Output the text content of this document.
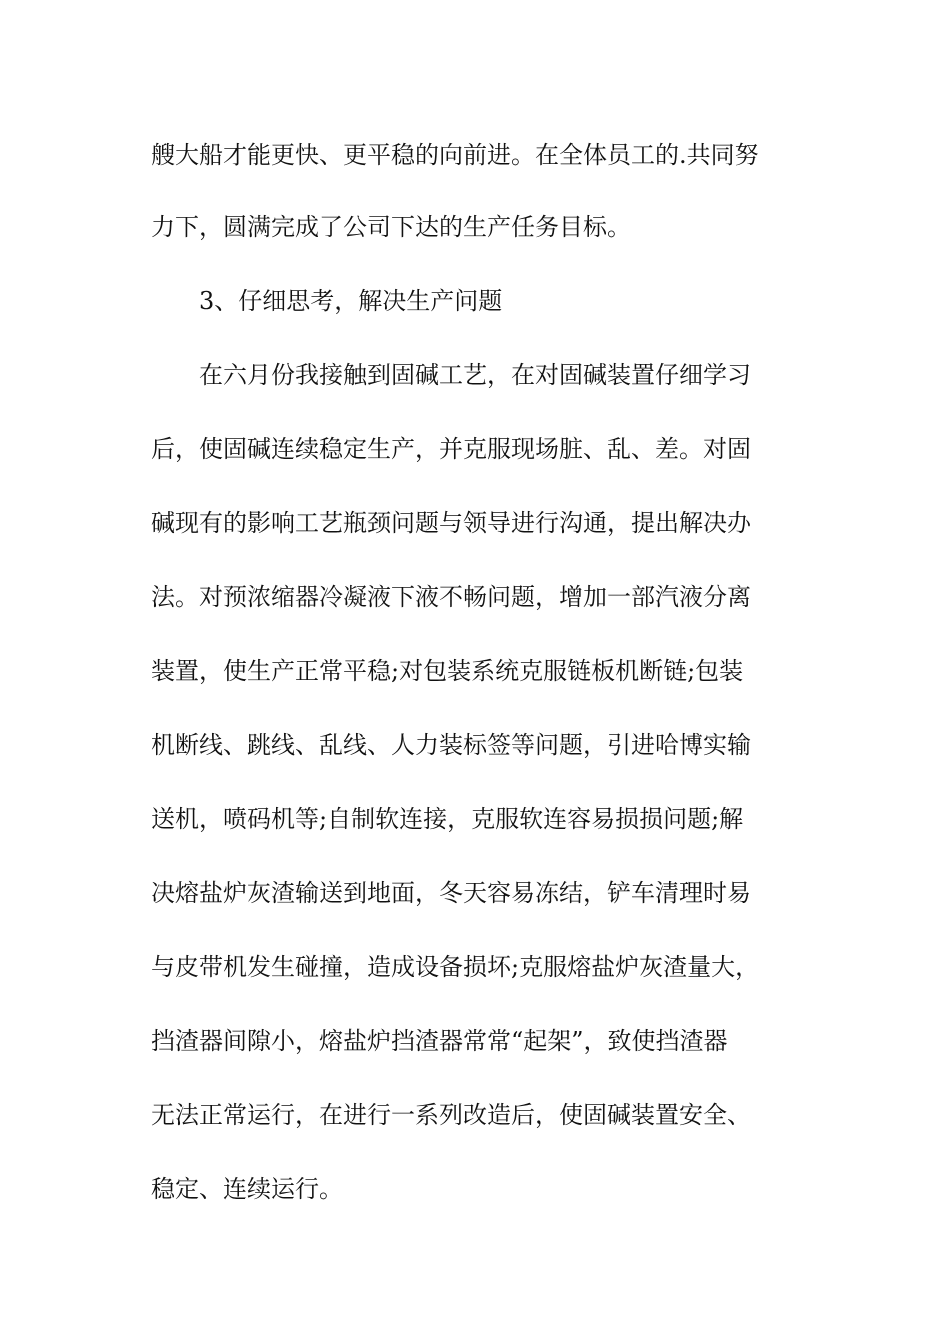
艘大船才能更快、更平稳的向前进。在全体员工的.共同努

力下，圆满完成了公司下达的生产任务目标。

3、仔细思考，解决生产问题

在六月份我接触到固碱工艺，在对固碱装置仔细学习

后，使固碱连续稳定生产，并克服现场脏、乱、差。对固

碱现有的影响工艺瓶颈问题与领导进行沟通，提出解决办

法。对预浓缩器冷凝液下液不畅问题，增加一部汽液分离

装置，使生产正常平稳;对包装系统克服链板机断链;包装

机断线、跳线、乱线、人力装标签等问题，引进哈博实输

送机，喷码机等;自制软连接，克服软连容易损损问题;解

决熔盐炉灰渣输送到地面，冬天容易冻结，铲车清理时易

与皮带机发生碰撞，造成设备损坏;克服熔盐炉灰渣量大，

挡渣器间隙小，熔盐炉挡渣器常常“起架”，致使挡渣器

无法正常运行，在进行一系列改造后，使固碱装置安全、

稳定、连续运行。
